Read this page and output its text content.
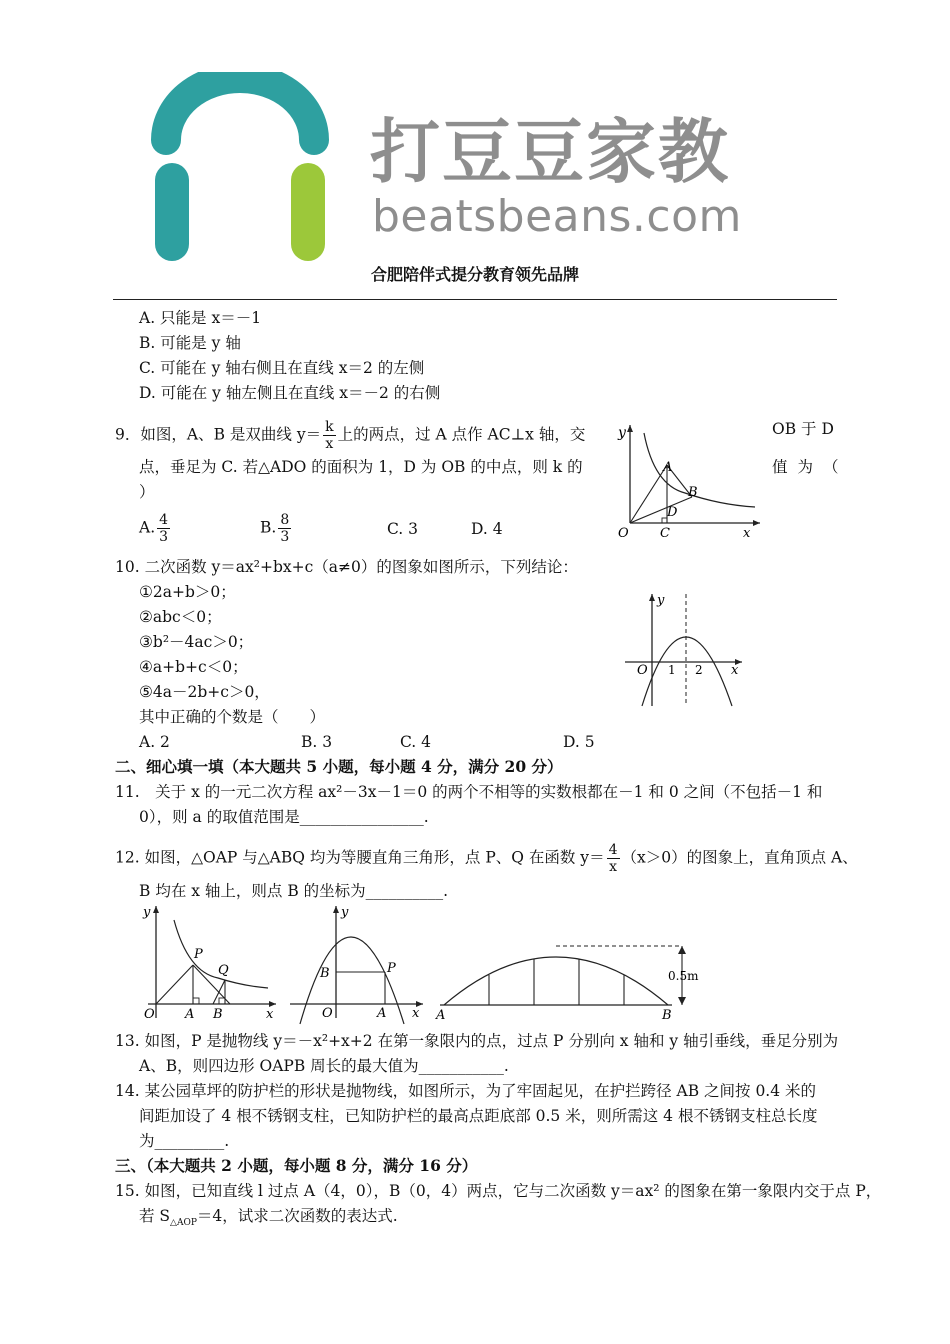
打豆豆家教
beatsbeans.com
合肥陪伴式提分教育领先品牌
A. 只能是 x＝－1
B. 可能是 y 轴
C. 可能在 y 轴右侧且在直线 x＝2 的左侧
D. 可能在 y 轴左侧且在直线 x＝－2 的右侧
9．如图，A、B 是双曲线 $y= \frac{k}{x}$ 上的两点，过 A 点作 AC⊥x 轴，交	OB 于 D
点，垂足为 C. 若△ADO 的面积为 1，D 为 OB 的中点，则 k 的	值为（
）
A. $\frac{4}{3}$	B. $\frac{8}{3}$	C. 3	D. 4
y
A
B
D
O C	x
10. 二次函数 y＝ax²+bx+c（a≠0）的图象如图所示，下列结论：
①2a+b＞0；
②abc＜0；
③b²－4ac＞0；
④a+b+c＜0；
⑤4a－2b+c＞0，
其中正确的个数是（　　）
A. 2	B. 3	C. 4	D. 5
y
O 1 2 x
二、细心填一填（本大题共 5 小题，每小题 4 分，满分 20 分）
11.　关于 x 的一元二次方程 ax²－3x－1＝0 的两个不相等的实数根都在－1 和 0 之间（不包括－1 和
0），则 a 的取值范围是________________.
12. 如图，△OAP 与△ABQ 均为等腰直角三角形，点 P、Q 在函数 $y= \frac{4}{x} (x>0)$的图象上，直角顶点 A、
B 均在 x 轴上，则点 B 的坐标为__________.
y
P
Q
O A B	x
y
B	P
O	A x A	B
0.5m
13. 如图，P 是抛物线 y＝－x²+x+2 在第一象限内的点，过点 P 分别向 x 轴和 y 轴引垂线，垂足分别为
A、B，则四边形 OAPB 周长的最大值为___________.
14. 某公园草坪的防护栏的形状是抛物线，如图所示，为了牢固起见，在护拦跨径 AB 之间按 0.4 米的
间距加设了 4 根不锈钢支柱，已知防护栏的最高点距底部 0.5 米，则所需这 4 根不锈钢支柱总长度
为_________.
三、（本大题共 2 小题，每小题 8 分，满分 16 分）
15. 如图，已知直线 l 过点 A（4，0），B（0，4）两点，它与二次函数 y＝ax² 的图象在第一象限内交于点 P，
若 $S_{\triangle AOP}=4$，试求二次函数的表达式.
